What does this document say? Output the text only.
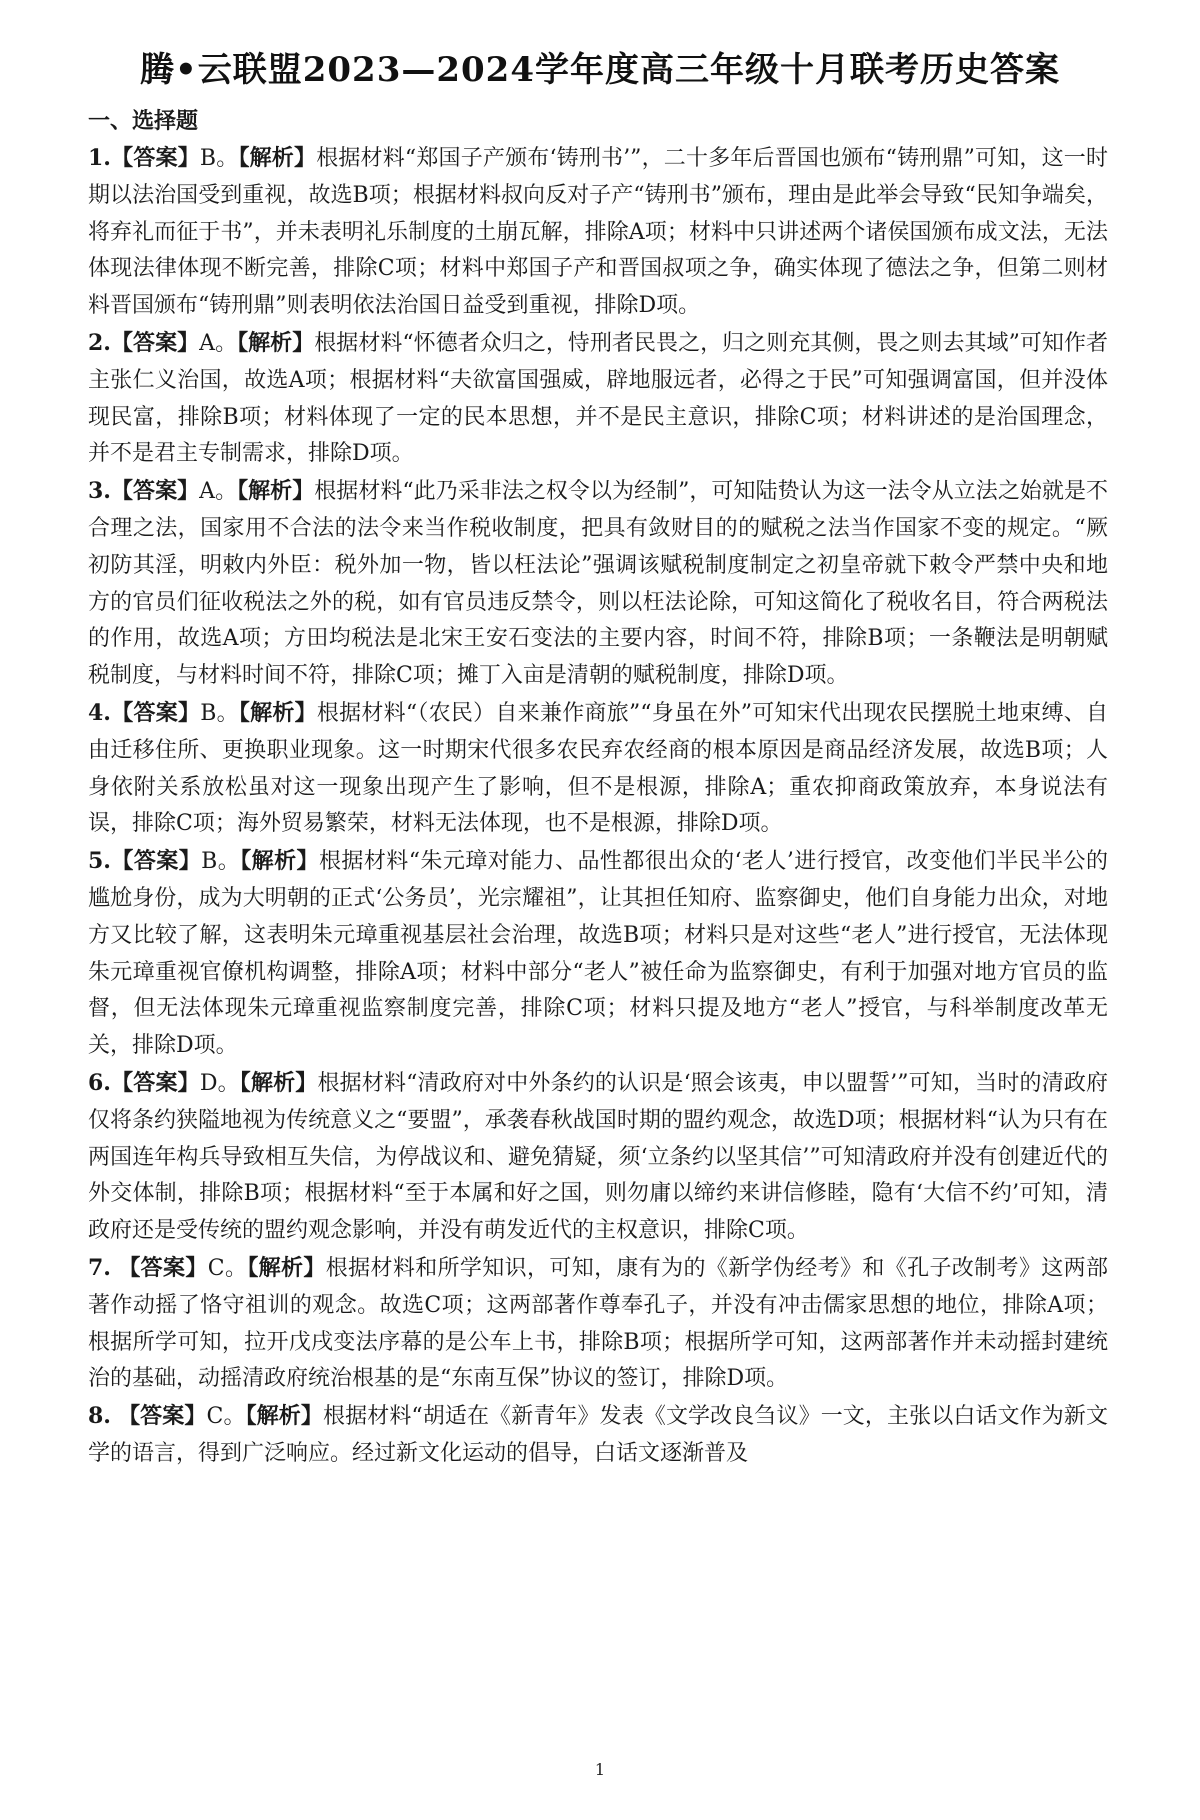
腾•云联盟2023—2024学年度高三年级十月联考历史答案
一、选择题

1.【答案】B。【解析】根据材料“郑国子产颁布‘铸刑书’”，二十多年后晋国也颁布“铸刑鼎”可知，这一时期以法治国受到重视，故选B项；根据材料叔向反对子产“铸刑书”颁布，理由是此举会导致“民知争端矣，将弃礼而征于书”，并未表明礼乐制度的土崩瓦解，排除A项；材料中只讲述两个诸侯国颁布成文法，无法体现法律体现不断完善，排除C项；材料中郑国子产和晋国叔项之争，确实体现了德法之争，但第二则材料晋国颁布“铸刑鼎”则表明依法治国日益受到重视，排除D项。

2.【答案】A。【解析】根据材料“怀德者众归之，恃刑者民畏之，归之则充其侧，畏之则去其域”可知作者主张仁义治国，故选A项；根据材料“夫欲富国强威，辟地服远者，必得之于民”可知强调富国，但并没体现民富，排除B项；材料体现了一定的民本思想，并不是民主意识，排除C项；材料讲述的是治国理念，并不是君主专制需求，排除D项。

3.【答案】A。【解析】根据材料“此乃采非法之权令以为经制”，可知陆贽认为这一法令从立法之始就是不合理之法，国家用不合法的法令来当作税收制度，把具有敛财目的的赋税之法当作国家不变的规定。“厥初防其淫，明敕内外臣：税外加一物，皆以枉法论”强调该赋税制度制定之初皇帝就下敕令严禁中央和地方的官员们征收税法之外的税，如有官员违反禁令，则以枉法论除，可知这简化了税收名目，符合两税法的作用，故选A项；方田均税法是北宋王安石变法的主要内容，时间不符，排除B项；一条鞭法是明朝赋税制度，与材料时间不符，排除C项；摊丁入亩是清朝的赋税制度，排除D项。

4.【答案】B。【解析】根据材料“（农民）自来兼作商旅”“身虽在外”可知宋代出现农民摆脱土地束缚、自由迁移住所、更换职业现象。这一时期宋代很多农民弃农经商的根本原因是商品经济发展，故选B项；人身依附关系放松虽对这一现象出现产生了影响，但不是根源，排除A；重农抑商政策放弃，本身说法有误，排除C项；海外贸易繁荣，材料无法体现，也不是根源，排除D项。

5.【答案】B。【解析】根据材料“朱元璋对能力、品性都很出众的‘老人’进行授官，改变他们半民半公的尴尬身份，成为大明朝的正式‘公务员’，光宗耀祖”，让其担任知府、监察御史，他们自身能力出众，对地方又比较了解，这表明朱元璋重视基层社会治理，故选B项；材料只是对这些“老人”进行授官，无法体现朱元璋重视官僚机构调整，排除A项；材料中部分“老人”被任命为监察御史，有利于加强对地方官员的监督，但无法体现朱元璋重视监察制度完善，排除C项；材料只提及地方“老人”授官，与科举制度改革无关，排除D项。

6.【答案】D。【解析】根据材料“清政府对中外条约的认识是‘照会该夷，申以盟誓’”可知，当时的清政府仅将条约狭隘地视为传统意义之“要盟”，承袭春秋战国时期的盟约观念，故选D项；根据材料“认为只有在两国连年构兵导致相互失信，为停战议和、避免猜疑，须‘立条约以坚其信’”可知清政府并没有创建近代的外交体制，排除B项；根据材料“至于本属和好之国，则勿庸以缔约来讲信修睦，隐有‘大信不约’可知，清政府还是受传统的盟约观念影响，并没有萌发近代的主权意识，排除C项。

7. 【答案】C。【解析】根据材料和所学知识，可知，康有为的《新学伪经考》和《孔子改制考》这两部著作动摇了恪守祖训的观念。故选C项；这两部著作尊奉孔子，并没有冲击儒家思想的地位，排除A项；根据所学可知，拉开戊戌变法序幕的是公车上书，排除B项；根据所学可知，这两部著作并未动摇封建统治的基础，动摇清政府统治根基的是“东南互保”协议的签订，排除D项。

8. 【答案】C。【解析】根据材料“胡适在《新青年》发表《文学改良刍议》一文，主张以白话文作为新文学的语言，得到广泛响应。经过新文化运动的倡导，白话文逐渐普及

1
